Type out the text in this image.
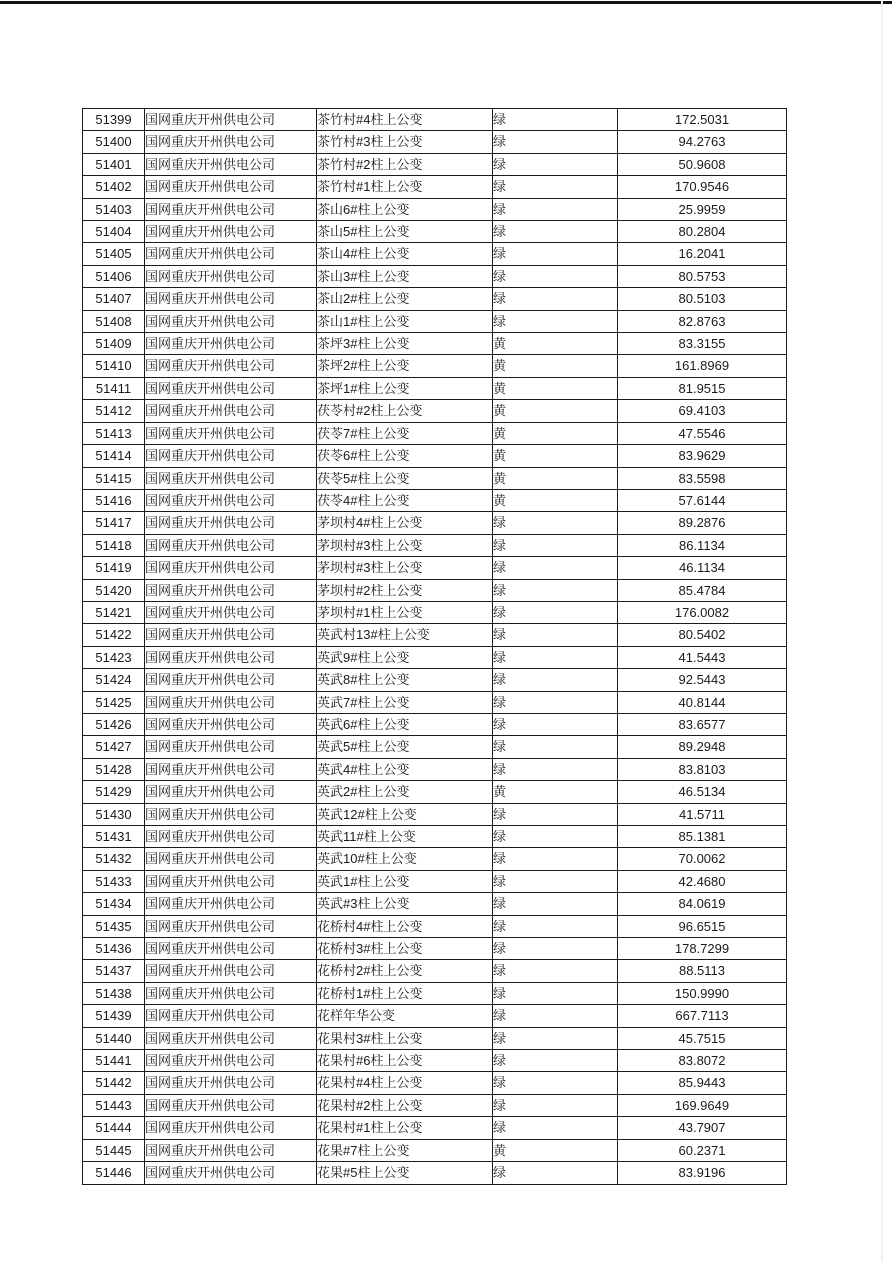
51399	国网重庆开州供电公司	茶竹村#4柱上公变	绿	172.5031
51400	国网重庆开州供电公司	茶竹村#3柱上公变	绿	94.2763
51401	国网重庆开州供电公司	茶竹村#2柱上公变	绿	50.9608
51402	国网重庆开州供电公司	茶竹村#1柱上公变	绿	170.9546
51403	国网重庆开州供电公司	茶山6#柱上公变	绿	25.9959
51404	国网重庆开州供电公司	茶山5#柱上公变	绿	80.2804
51405	国网重庆开州供电公司	茶山4#柱上公变	绿	16.2041
51406	国网重庆开州供电公司	茶山3#柱上公变	绿	80.5753
51407	国网重庆开州供电公司	茶山2#柱上公变	绿	80.5103
51408	国网重庆开州供电公司	茶山1#柱上公变	绿	82.8763
51409	国网重庆开州供电公司	茶坪3#柱上公变	黄	83.3155
51410	国网重庆开州供电公司	茶坪2#柱上公变	黄	161.8969
51411	国网重庆开州供电公司	茶坪1#柱上公变	黄	81.9515
51412	国网重庆开州供电公司	茯苓村#2柱上公变	黄	69.4103
51413	国网重庆开州供电公司	茯苓7#柱上公变	黄	47.5546
51414	国网重庆开州供电公司	茯苓6#柱上公变	黄	83.9629
51415	国网重庆开州供电公司	茯苓5#柱上公变	黄	83.5598
51416	国网重庆开州供电公司	茯苓4#柱上公变	黄	57.6144
51417	国网重庆开州供电公司	茅坝村4#柱上公变	绿	89.2876
51418	国网重庆开州供电公司	茅坝村#3柱上公变	绿	86.1134
51419	国网重庆开州供电公司	茅坝村#3柱上公变	绿	46.1134
51420	国网重庆开州供电公司	茅坝村#2柱上公变	绿	85.4784
51421	国网重庆开州供电公司	茅坝村#1柱上公变	绿	176.0082
51422	国网重庆开州供电公司	英武村13#柱上公变	绿	80.5402
51423	国网重庆开州供电公司	英武9#柱上公变	绿	41.5443
51424	国网重庆开州供电公司	英武8#柱上公变	绿	92.5443
51425	国网重庆开州供电公司	英武7#柱上公变	绿	40.8144
51426	国网重庆开州供电公司	英武6#柱上公变	绿	83.6577
51427	国网重庆开州供电公司	英武5#柱上公变	绿	89.2948
51428	国网重庆开州供电公司	英武4#柱上公变	绿	83.8103
51429	国网重庆开州供电公司	英武2#柱上公变	黄	46.5134
51430	国网重庆开州供电公司	英武12#柱上公变	绿	41.5711
51431	国网重庆开州供电公司	英武11#柱上公变	绿	85.1381
51432	国网重庆开州供电公司	英武10#柱上公变	绿	70.0062
51433	国网重庆开州供电公司	英武1#柱上公变	绿	42.4680
51434	国网重庆开州供电公司	英武#3柱上公变	绿	84.0619
51435	国网重庆开州供电公司	花桥村4#柱上公变	绿	96.6515
51436	国网重庆开州供电公司	花桥村3#柱上公变	绿	178.7299
51437	国网重庆开州供电公司	花桥村2#柱上公变	绿	88.5113
51438	国网重庆开州供电公司	花桥村1#柱上公变	绿	150.9990
51439	国网重庆开州供电公司	花样年华公变	绿	667.7113
51440	国网重庆开州供电公司	花果村3#柱上公变	绿	45.7515
51441	国网重庆开州供电公司	花果村#6柱上公变	绿	83.8072
51442	国网重庆开州供电公司	花果村#4柱上公变	绿	85.9443
51443	国网重庆开州供电公司	花果村#2柱上公变	绿	169.9649
51444	国网重庆开州供电公司	花果村#1柱上公变	绿	43.7907
51445	国网重庆开州供电公司	花果#7柱上公变	黄	60.2371
51446	国网重庆开州供电公司	花果#5柱上公变	绿	83.9196
